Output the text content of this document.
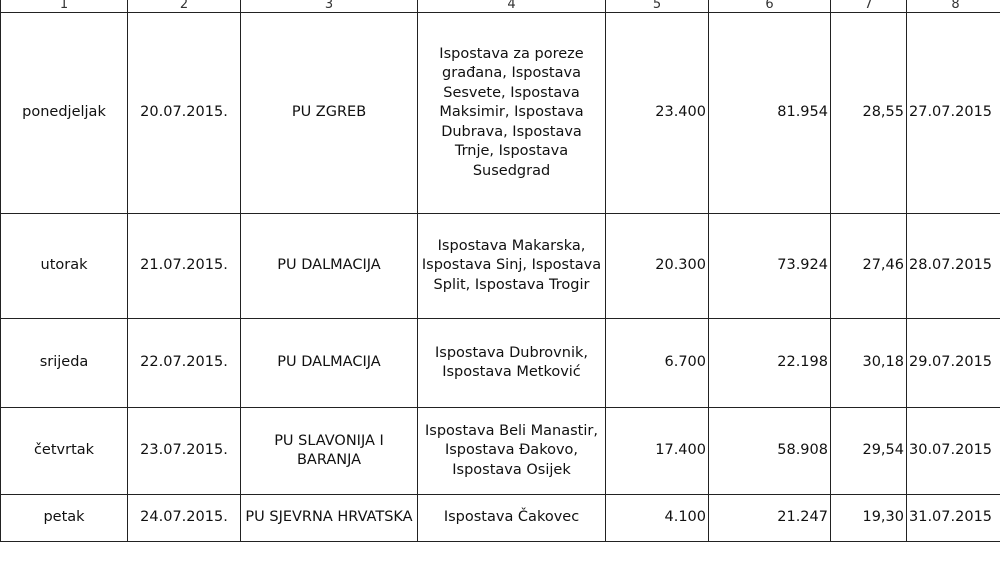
1	2	3	4	5	6	7	8
ponedjeljak	20.07.2015.	PU ZGREB	Ispostava za poreze građana, Ispostava Sesvete, Ispostava Maksimir, Ispostava Dubrava, Ispostava Trnje, Ispostava Susedgrad	23.400	81.954	28,55	27.07.2015
utorak	21.07.2015.	PU DALMACIJA	Ispostava Makarska, Ispostava Sinj, Ispostava Split, Ispostava Trogir	20.300	73.924	27,46	28.07.2015
srijeda	22.07.2015.	PU DALMACIJA	Ispostava Dubrovnik, Ispostava Metković	6.700	22.198	30,18	29.07.2015
četvrtak	23.07.2015.	PU SLAVONIJA I BARANJA	Ispostava Beli Manastir, Ispostava Đakovo, Ispostava Osijek	17.400	58.908	29,54	30.07.2015
petak	24.07.2015.	PU SJEVRNA HRVATSKA	Ispostava Čakovec	4.100	21.247	19,30	31.07.2015
